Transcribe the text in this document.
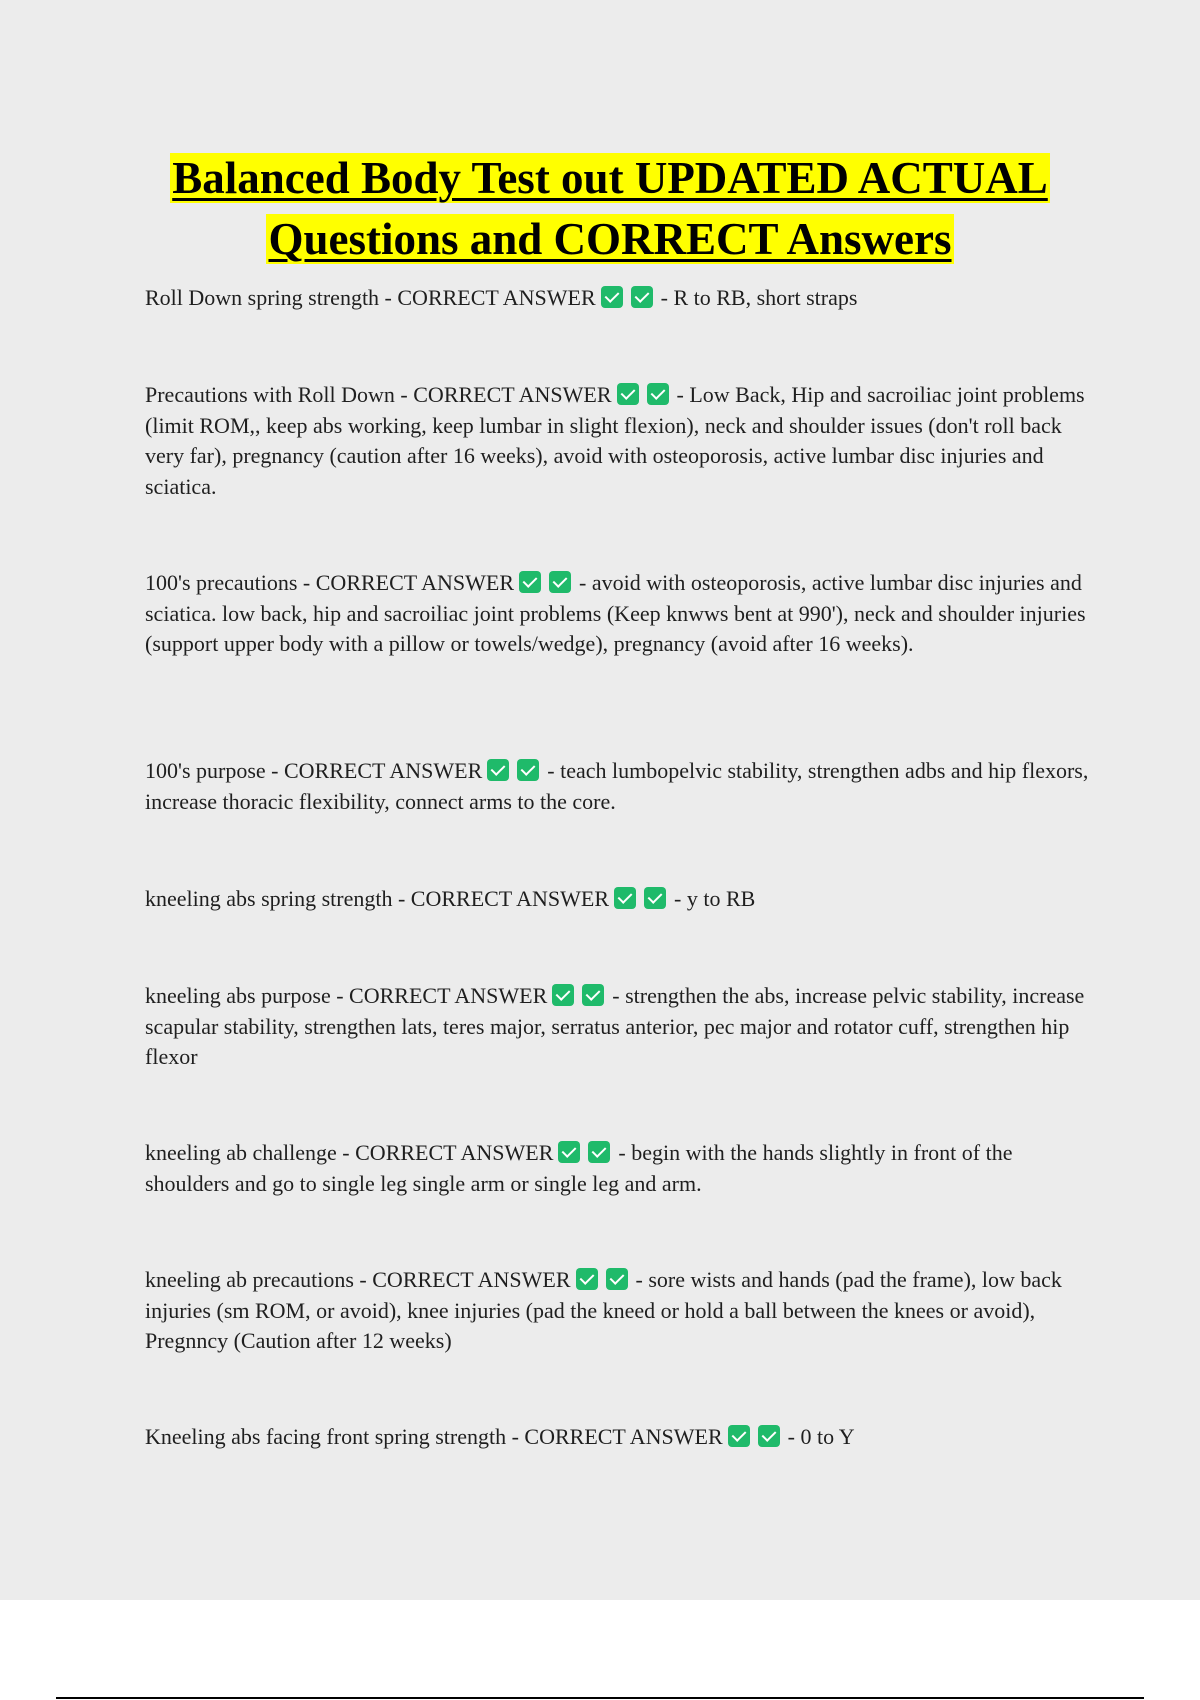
Balanced Body Test out UPDATED ACTUAL Questions and CORRECT Answers

Roll Down spring strength - CORRECT ANSWER	- R to RB, short straps

Precautions with Roll Down - CORRECT ANSWER	- Low Back, Hip and sacroiliac joint problems (limit ROM,, keep abs working, keep lumbar in slight flexion), neck and shoulder issues (don't roll back very far), pregnancy (caution after 16 weeks), avoid with osteoporosis, active lumbar disc injuries and sciatica.

100's precautions - CORRECT ANSWER	- avoid with osteoporosis, active lumbar disc injuries and sciatica. low back, hip and sacroiliac joint problems (Keep knwws bent at 990'), neck and shoulder injuries (support upper body with a pillow or towels/wedge), pregnancy (avoid after 16 weeks).

100's purpose - CORRECT ANSWER	- teach lumbopelvic stability, strengthen adbs and hip flexors, increase thoracic flexibility, connect arms to the core.

kneeling abs spring strength - CORRECT ANSWER	- y to RB

kneeling abs purpose - CORRECT ANSWER	- strengthen the abs, increase pelvic stability, increase scapular stability, strengthen lats, teres major, serratus anterior, pec major and rotator cuff, strengthen hip flexor

kneeling ab challenge - CORRECT ANSWER	- begin with the hands slightly in front of the shoulders and go to single leg single arm or single leg and arm.

kneeling ab precautions - CORRECT ANSWER	- sore wists and hands (pad the frame), low back injuries (sm ROM, or avoid), knee injuries (pad the kneed or hold a ball between the knees or avoid), Pregnncy (Caution after 12 weeks)

Kneeling abs facing front spring strength - CORRECT ANSWER	- 0 to Y
